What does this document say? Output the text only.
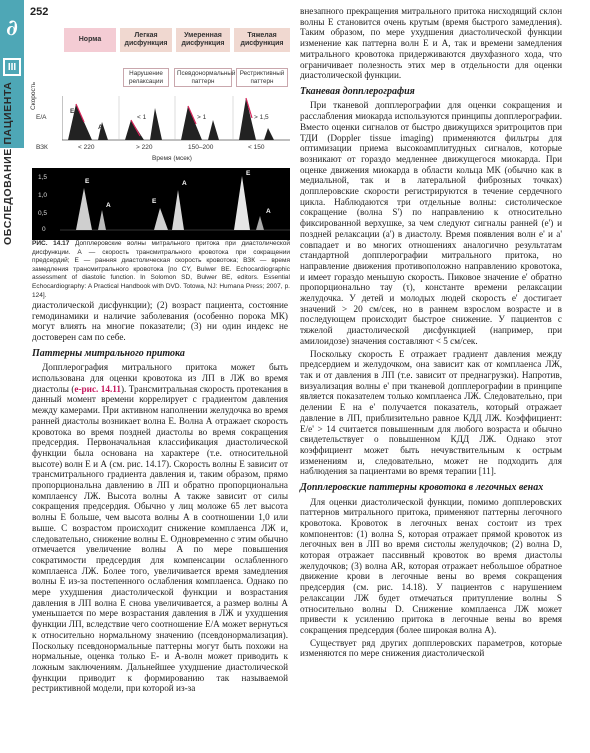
∂
III
ОБСЛЕДОВАНИЕ ПАЦИЕНТА
252
Норма
Легкая
дисфункция
Умеренная
дисфункция
Тяжелая
дисфункция
Нарушение
релаксации
Псевдонормальный
паттерн
Рестриктивный
паттерн
Скорость
E/A
ВЗК
E
A
< 1	> 1	> 1,5
< 220	> 220	150–200	< 150
Время (мсек)
1,5
1,0
0,5
0
E
A
E
A
E
A
РИС. 14.17 Допплеровские волны митрального притока при диастолической дисфункции. А — скорость трансмитрального кровотока при сокращении предсердий; Е — ранняя диастолическая скорость кровотока; ВЗК — время замедления трансмитрального кровотока [по CY, Bulwer BE. Echocardiographic assessment of diastolic function. In Solomon SD, Bulwer BE, editors. Essential Echocardiography: A Practical Handbook with DVD. Totowa, NJ: Humana Press; 2007, p. 124].

диастолической дисфункции); (2) возраст пациента, состояние гемодинамики и наличие заболевания (особенно порока МК) могут влиять на многие показатели; (3) ни один индекс не достоверен сам по себе.

Паттерны митрального притока

Допплерография митрального притока может быть использована для оценки кровотока из ЛП в ЛЖ во время диастолы (e-рис. 14.11). Трансмитральная скорость протекания в данный момент времени коррелирует с градиентом давления между камерами. При активном наполнении желудочка во время ранней диастолы возникает волна Е. Волна А отражает скорость кровотока во время поздней диастолы во время сокращения предсердия. Первоначальная классификация диастолической функции была основана на характере (т.е. относительной высоте) волн Е и А (см. рис. 14.17). Скорость волны Е зависит от трансмитрального градиента давления и, таким образом, прямо пропорциональна давлению в ЛП и обратно пропорциональна комплаенсу ЛЖ. Высота волны А также зависит от силы сокращения предсердия. Обычно у лиц моложе 65 лет высота волны Е больше, чем высота волны А в соотношении 1,0 или выше. С возрастом происходит снижение комплаенса ЛЖ и, следовательно, снижение волны Е. Одновременно с этим обычно отмечается увеличение волны А по мере повышения сократимости предсердия для компенсации ослабленного комплаенса ЛЖ. Более того, увеличивается время замедления волны Е из-за постепенного ослабления комплаенса. Однако по мере ухудшения диастолической функции и возрастания давления в ЛП волна Е снова увеличивается, а размер волны А уменьшается по мере возрастания давления в ЛЖ и ухудшения функции ЛП, вследствие чего соотношение Е/А может вернуться к относительно нормальному значению (псевдонормализация). Поскольку псевдонормальные паттерны могут быть похожи на нормальные, оценка только Е- и А-волн может приводить к ложным заключениям. Дальнейшее ухудшение диастолической функции приводит к формированию так называемой рестриктивной модели, при которой из-за

внезапного прекращения митрального притока нисходящий склон волны Е становится очень крутым (время быстрого замедления). Таким образом, по мере ухудшения диастолической функции изменение как паттерна волн Е и А, так и времени замедления митрального кровотока придерживаются двухфазного хода, что ограничивает полезность этих мер в отдельности для оценки диастолической функции.

Тканевая допплерография

При тканевой допплерографии для оценки сокращения и расслабления миокарда используются принципы допплерографии. Вместо оценки сигналов от быстро движущихся эритроцитов при ТДИ (Doppler tissue imaging) применяются фильтры для оптимизации приема высокоамплитудных сигналов, которые возникают от гораздо медленнее движущегося миокарда. При оценке движения миокарда в области кольца МК (обычно как в медиальной, так и в латеральной фиброзных точках) допплеровские скорости регистрируются в течение сердечного цикла. Наблюдаются три отдельные волны: систолическое сокращение (волна S') по направлению к относительно фиксированной верхушке, за чем следуют сигналы ранней (е') и поздней релаксации (а') в диастолу. Время появления волн е' и а' совпадает и во многих отношениях аналогично результатам стандартной допплерографии митрального притока, но направление движения противоположно направлению кровотока, и имеет гораздо меньшую скорость. Пиковое значение е' обратно пропорционально тау (τ), константе времени релаксации желудочка. У детей и молодых людей скорость е' достигает значений > 20 см/сек, но в раннем взрослом возрасте и в последующем происходит быстрое снижение. У пациентов с тяжелой диастолической дисфункцией (например, при амилоидозе) значения составляют < 5 см/сек.

Поскольку скорость Е отражает градиент давления между предсердием и желудочком, она зависит как от комплаенса ЛЖ, так и от давления в ЛП (т.е. зависит от преднагрузки). Напротив, визуализация волны е' при тканевой допплерографии в принципе является показателем только комплаенса ЛЖ. Следовательно, при делении Е на е' получается показатель, который отражает давление в ЛП, приблизительно равное КДД ЛЖ. Коэффициент: E/e' > 14 считается повышенным для любого возраста и обычно свидетельствует о повышенном КДД ЛЖ. Однако этот коэффициент может быть нечувствительным к острым изменениям и, следовательно, может не подходить для наблюдения за пациентами во время терапии [11].

Допплеровские паттерны кровотока в легочных венах

Для оценки диастолической функции, помимо допплеровских паттернов митрального притока, применяют паттерны легочного кровотока. Кровоток в легочных венах состоит из трех компонентов: (1) волна S, которая отражает прямой кровоток из легочных вен в ЛП во время систолы желудочков; (2) волна D, которая отражает пассивный кровоток во время диастолы желудочков; (3) волна AR, которая отражает небольшое обратное движение крови в легочные вены во время сокращения предсердия (см. рис. 14.18). У пациентов с нарушением релаксации ЛЖ будет отмечаться притупление волны S относительно волны D. Снижение комплаенса ЛЖ может привести к усилению притока в легочные вены во время сокращения предсердия (более широкая волна А).

Существует ряд других допплеровских параметров, которые изменяются по мере снижения диастолической
